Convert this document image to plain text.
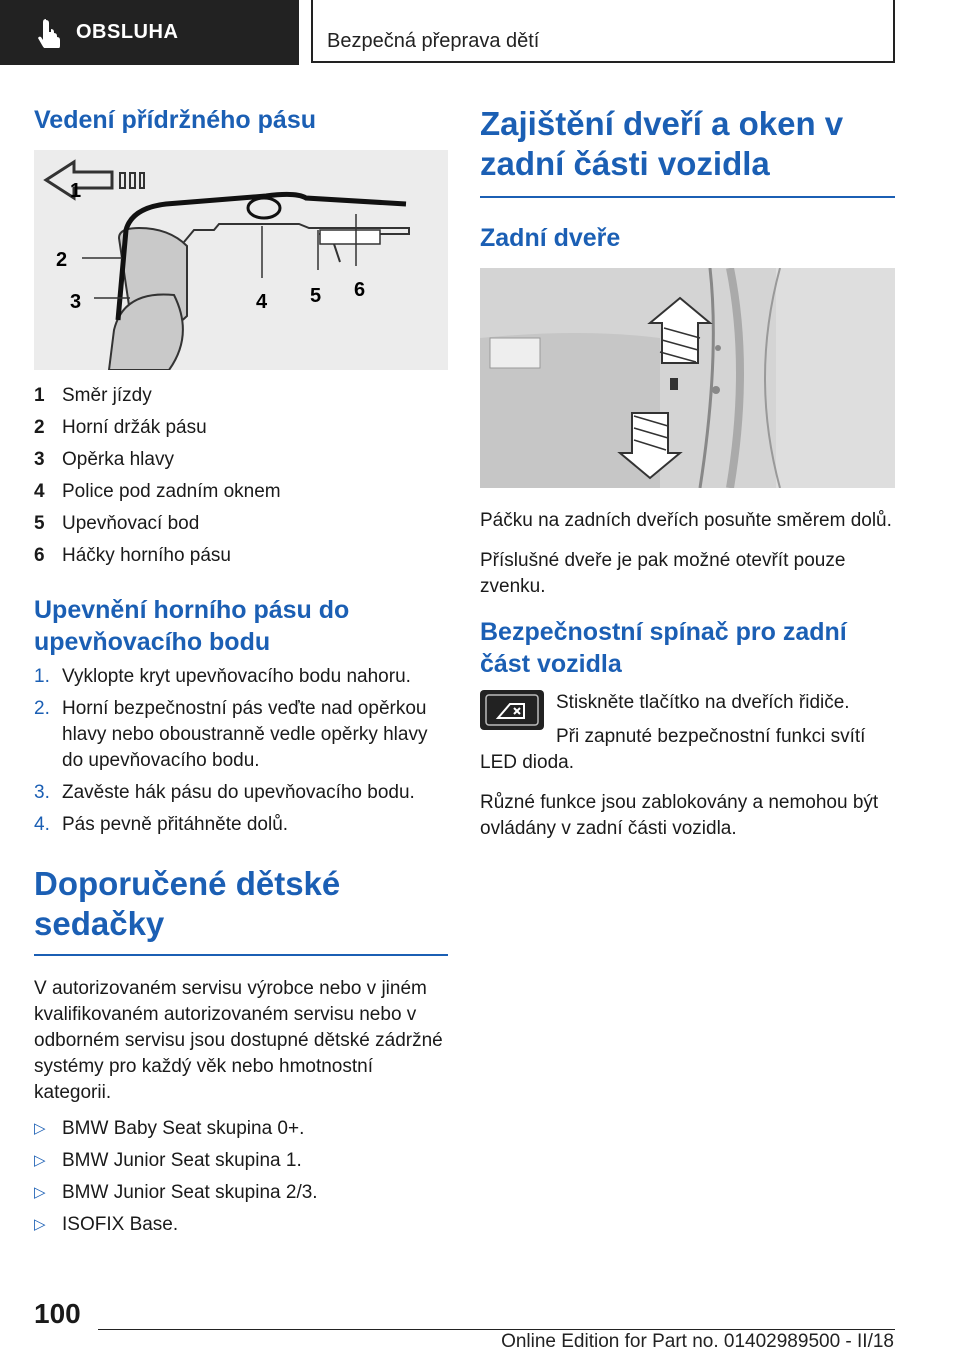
OBSLUHA	Bezpečná přeprava dětí
Vedení přídržného pásu
1
2
3	4 5 6
1 Směr jízdy
2 Horní držák pásu
3 Opěrka hlavy
4 Police pod zadním oknem
5 Upevňovací bod
6 Háčky horního pásu
Upevnění horního pásu do upevňovacího bodu
1. Vyklopte kryt upevňovacího bodu nahoru.
2. Horní bezpečnostní pás veďte nad opěrkou hlavy nebo oboustranně vedle opěrky hlavy do upevňovacího bodu.
3. Zavěste hák pásu do upevňovacího bodu.
4. Pás pevně přitáhněte dolů.
Doporučené dětské sedačky

V autorizovaném servisu výrobce nebo v jiném kvalifikovaném autorizovaném servisu nebo v odborném servisu jsou dostupné dětské zádržné systémy pro každý věk nebo hmotnostní kategorii.

▷ BMW Baby Seat skupina 0+.
▷ BMW Junior Seat skupina 1.
▷ BMW Junior Seat skupina 2/3.
▷ ISOFIX Base.
Zajištění dveří a oken v zadní části vozidla
Zadní dveře

Páčku na zadních dveřích posuňte směrem dolů.

Příslušné dveře je pak možné otevřít pouze zvenku.

Bezpečnostní spínač pro zadní část vozidla

Stiskněte tlačítko na dveřích řidiče.

Při zapnuté bezpečnostní funkci svítí LED dioda.

Různé funkce jsou zablokovány a nemohou být ovládány v zadní části vozidla.

100
Online Edition for Part no. 01402989500 - II/18
